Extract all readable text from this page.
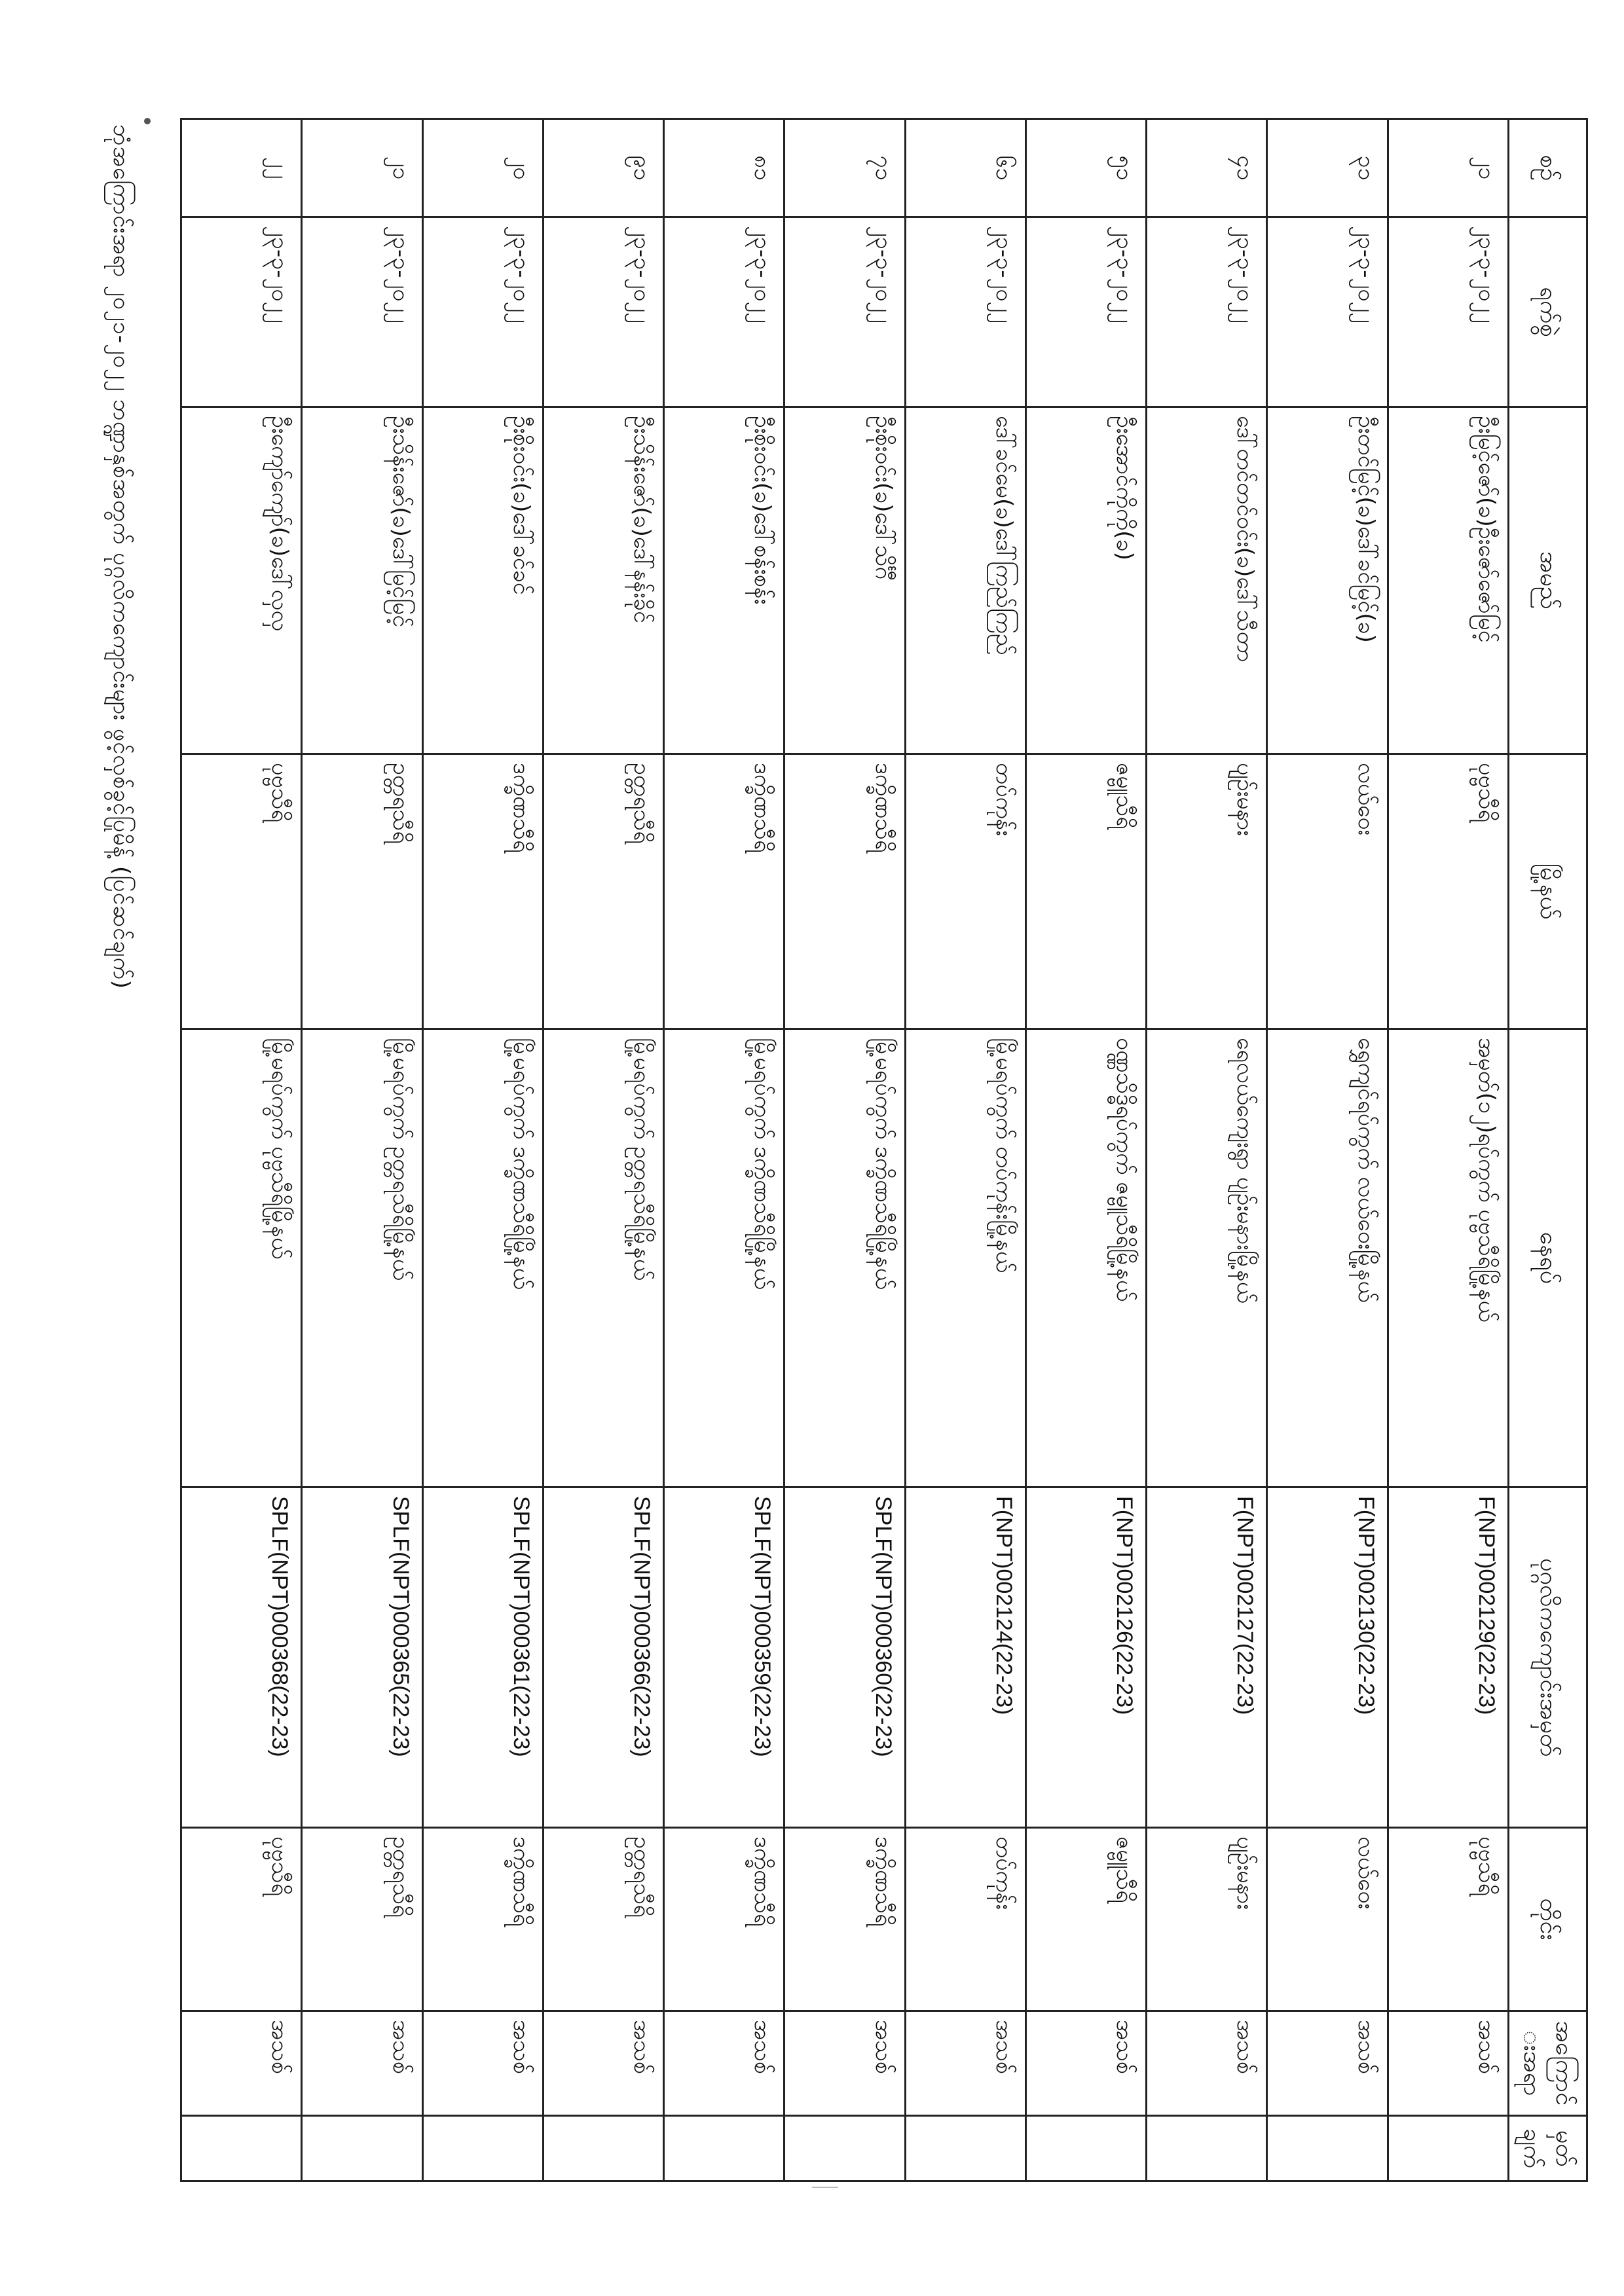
ဘုံအကြောင်းအရာ ၂၀၂၁-၂၀၂၂ ဘဏ္ဍာနှစ်အတွက် ပုဂ္ဂလိကကျောင်းများ ဖွင့်လှစ်ခွင့်ပြုမိန့် (ပြင်ဆင်ချက်)	စဉ်	ရက်စွဲ	အမည်	မြို့နယ်	နေရပ်	ပုဂ္ဂလိကကျောင်းအမှတ်	တိုင်း	အကြောင်းအရာ	မှတ်ချက်
၂၁	၂၃-၃-၂၀၂၂	ဦးမြင့်ဇော်(ခ)ဦးဇော်ဇော်မြင့်	ပုဗ္ဗသီရိ	အမှတ်(၁၂)ရပ်ကွက် ပုဗ္ဗသီရိမြို့နယ်	F(NPT)002129(22-23)	ပုဗ္ဗသီရိ	အသစ်	
၃၁	၂၃-၃-၂၀၂၂	ဦးတင်မြင့်(ခ)ဒေါ်ခင်မြင့်(ခ)	လယ်ဝေး	ရွှေကျင်ရပ်ကွက် လယ်ဝေးမြို့နယ်	F(NPT)002130(22-23)	လယ်ဝေး	အသစ်	
၄၁	၂၃-၃-၂၀၂၂	ဒေါ်တင်တင်ဝင်း(ခ)ဒေါ်သီတာ	ပျဉ်းမနား	ရေလယ်ကျေးရွာ ပျဉ်းမနားမြို့နယ်	F(NPT)002127(22-23)	ပျဉ်းမနား	အသစ်	
၅၁	၂၃-၃-၂၀၂၂	ဦးအောင်ကိုကို(ခ)	ဇမ္ဗူသီရိ	ဝဏ္ဏသိဒ္ဓိရပ်ကွက် ဇမ္ဗူသီရိမြို့နယ်	F(NPT)002126(22-23)	ဇမ္ဗူသီရိ	အသစ်	
၆၁	၂၃-၃-၂၀၂၂	ဒေါ်ခင်မေ(ခ)ဒေါ်ကြည်ကြည်	တပ်ကုန်း	မြို့မရပ်ကွက် တပ်ကုန်းမြို့နယ်	F(NPT)002124(22-23)	တပ်ကုန်း	အသစ်	
၇၁	၂၃-၃-၂၀၂၂	ဦးစိုးဝင်း(ခ)ဒေါ်သိင်္ဂီ	ဒက္ခိဏသီရိ	မြို့မရပ်ကွက် ဒက္ခိဏသီရိမြို့နယ်	SPLF(NPT)000360(22-23)	ဒက္ခိဏသီရိ	အသစ်	
၈၁	၂၃-၃-၂၀၂၂	ဦးစိုးဝင်း(ခ)ဒေါ်စန်းစန်း	ဒက္ခိဏသီရိ	မြို့မရပ်ကွက် ဒက္ခိဏသီရိမြို့နယ်	SPLF(NPT)000359(22-23)	ဒက္ခိဏသီရိ	အသစ်	
၉၁	၂၃-၃-၂၀၂၂	ဦးသိန်းဇော်(ခ)ဒေါ်နန်းခိုင်	ဥတ္တရသီရိ	မြို့မရပ်ကွက် ဥတ္တရသီရိမြို့နယ်	SPLF(NPT)000366(22-23)	ဥတ္တရသီရိ	အသစ်	
၂၀	၂၃-၃-၂၀၂၂	ဦးစိုးဝင်း(ခ)ဒေါ်ခင်ခင်	ဒက္ခိဏသီရိ	မြို့မရပ်ကွက် ဒက္ခိဏသီရိမြို့နယ်	SPLF(NPT)000361(22-23)	ဒက္ခိဏသီရိ	အသစ်	
၂၁	၂၃-၃-၂၀၂၂	ဦးသိန်းဇော်(ခ)ဒေါ်မြင့်မြင့်	ဥတ္တရသီရိ	မြို့မရပ်ကွက် ဥတ္တရသီရိမြို့နယ်	SPLF(NPT)000365(22-23)	ဥတ္တရသီရိ	အသစ်	
၂၂	၂၃-၃-၂၀၂၂	ဦးကျော်ကျော်(ခ)ဒေါ်လှလှ	ပုဗ္ဗသီရိ	မြို့မရပ်ကွက် ပုဗ္ဗသီရိမြို့နယ်	SPLF(NPT)000368(22-23)	ပုဗ္ဗသီရိ	အသစ်	
